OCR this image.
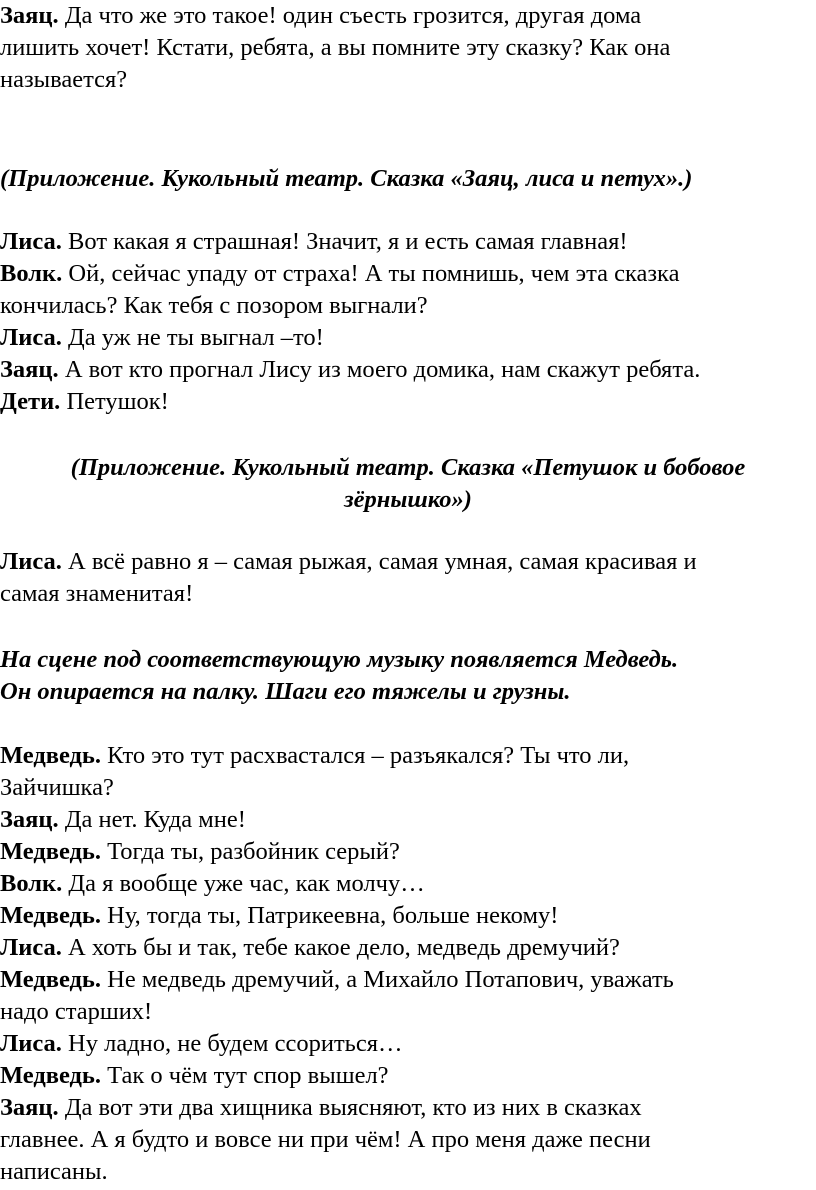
Заяц. Да что же это такое! один съесть грозится, другая дома
лишить хочет! Кстати, ребята, а вы помните эту сказку? Как она
называется?

(Приложение. Кукольный театр. Сказка «Заяц, лиса и петух».)

Лиса. Вот какая я страшная! Значит, я и есть самая главная!

Волк. Ой, сейчас упаду от страха! А ты помнишь, чем эта сказка
кончилась? Как тебя с позором выгнали?

Лиса. Да уж не ты выгнал –то!

Заяц. А вот кто прогнал Лису из моего домика, нам скажут ребята.

Дети. Петушок!

(Приложение. Кукольный театр. Сказка «Петушок и бобовое
зёрнышко»)

Лиса. А всё равно я – самая рыжая, самая умная, самая красивая и
самая знаменитая!

На сцене под соответствующую музыку появляется Медведь.
Он опирается на палку. Шаги его тяжелы и грузны.

Медведь. Кто это тут расхвастался – разъякался? Ты что ли,
Зайчишка?

Заяц. Да нет. Куда мне!

Медведь. Тогда ты, разбойник серый?

Волк. Да я вообще уже час, как молчу…

Медведь. Ну, тогда ты, Патрикеевна, больше некому!

Лиса. А хоть бы и так, тебе какое дело, медведь дремучий?

Медведь. Не медведь дремучий, а Михайло Потапович, уважать
надо старших!

Лиса. Ну ладно, не будем ссориться…

Медведь. Так о чём тут спор вышел?

Заяц. Да вот эти два хищника выясняют, кто из них в сказках
главнее. А я будто и вовсе ни при чём! А про меня даже песни
написаны.
